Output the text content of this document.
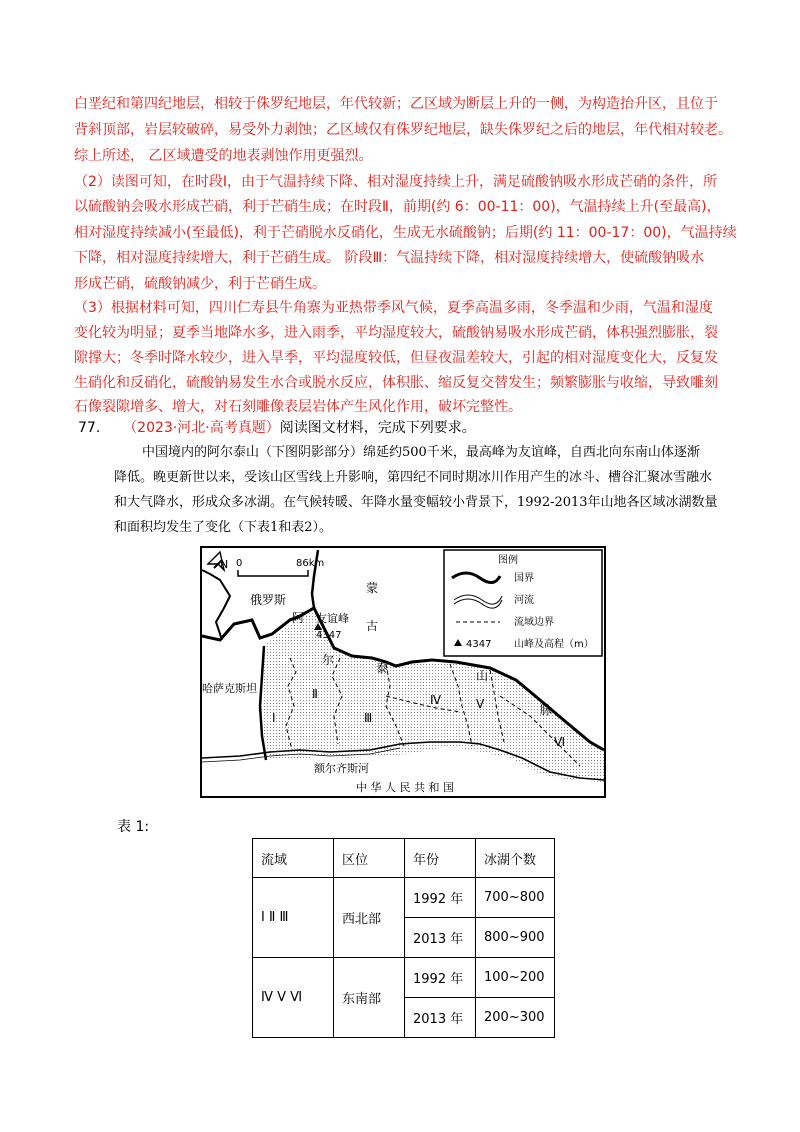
白垩纪和第四纪地层，相较于侏罗纪地层，年代较新；乙区域为断层上升的一侧，为构造抬升区，且位于
背斜顶部，岩层较破碎，易受外力剥蚀；乙区域仅有侏罗纪地层，缺失侏罗纪之后的地层，年代相对较老。
综上所述， 乙区域遭受的地表剥蚀作用更强烈。
（2）读图可知，在时段Ⅰ，由于气温持续下降、相对湿度持续上升，满足硫酸钠吸水形成芒硝的条件，所
以硫酸钠会吸水形成芒硝，利于芒硝生成；在时段Ⅱ，前期(约 6：00-11：00)，气温持续上升(至最高)，
相对湿度持续减小(至最低)，利于芒硝脱水反硝化，生成无水硫酸钠；后期(约 11：00-17：00)，气温持续
下降，相对湿度持续增大，利于芒硝生成。 阶段Ⅲ：气温持续下降，相对湿度持续增大，使硫酸钠吸水
形成芒硝，硫酸钠减少，利于芒硝生成。
（3）根据材料可知，四川仁寿县牛角寨为亚热带季风气候，夏季高温多雨，冬季温和少雨，气温和湿度
变化较为明显；夏季当地降水多，进入雨季，平均湿度较大，硫酸钠易吸水形成芒硝，体积强烈膨胀，裂
隙撑大；冬季时降水较少，进入旱季，平均湿度较低，但昼夜温差较大，引起的相对湿度变化大，反复发
生硝化和反硝化，硫酸钠易发生水合或脱水反应，体积胀、缩反复交替发生；频繁膨胀与收缩，导致雕刻
石像裂隙增多、增大，对石刻雕像表层岩体产生风化作用，破坏完整性。
77. （2023·河北·高考真题）阅读图文材料，完成下列要求。
中国境内的阿尔泰山（下图阴影部分）绵延约500千米，最高峰为友谊峰，自西北向东南山体逐渐
降低。晚更新世以来，受该山区雪线上升影响，第四纪不同时期冰川作用产生的冰斗、槽谷汇聚冰雪融水
和大气降水，形成众多冰湖。在气候转暖、年降水量变幅较小背景下，1992-2013年山地各区域冰湖数量
和面积均发生了变化（下表1和表2）。
N 0	86km	图例
国界
河流
流域边界
4347 山峰及高程（m）
俄罗斯
哈萨克斯坦
蒙
古
友谊峰
4347
阿
尔
泰
山
脉
额尔齐斯河
中 华 人 民 共 和 国
Ⅰ
Ⅱ
Ⅲ
Ⅳ	Ⅴ
Ⅵ
表 1:
流域	区位	年份	冰湖个数
Ⅰ Ⅱ Ⅲ	西北部	1992 年	700~800
		2013 年	800~900
Ⅳ Ⅴ Ⅵ	东南部	1992 年	100~200
		2013 年	200~300
